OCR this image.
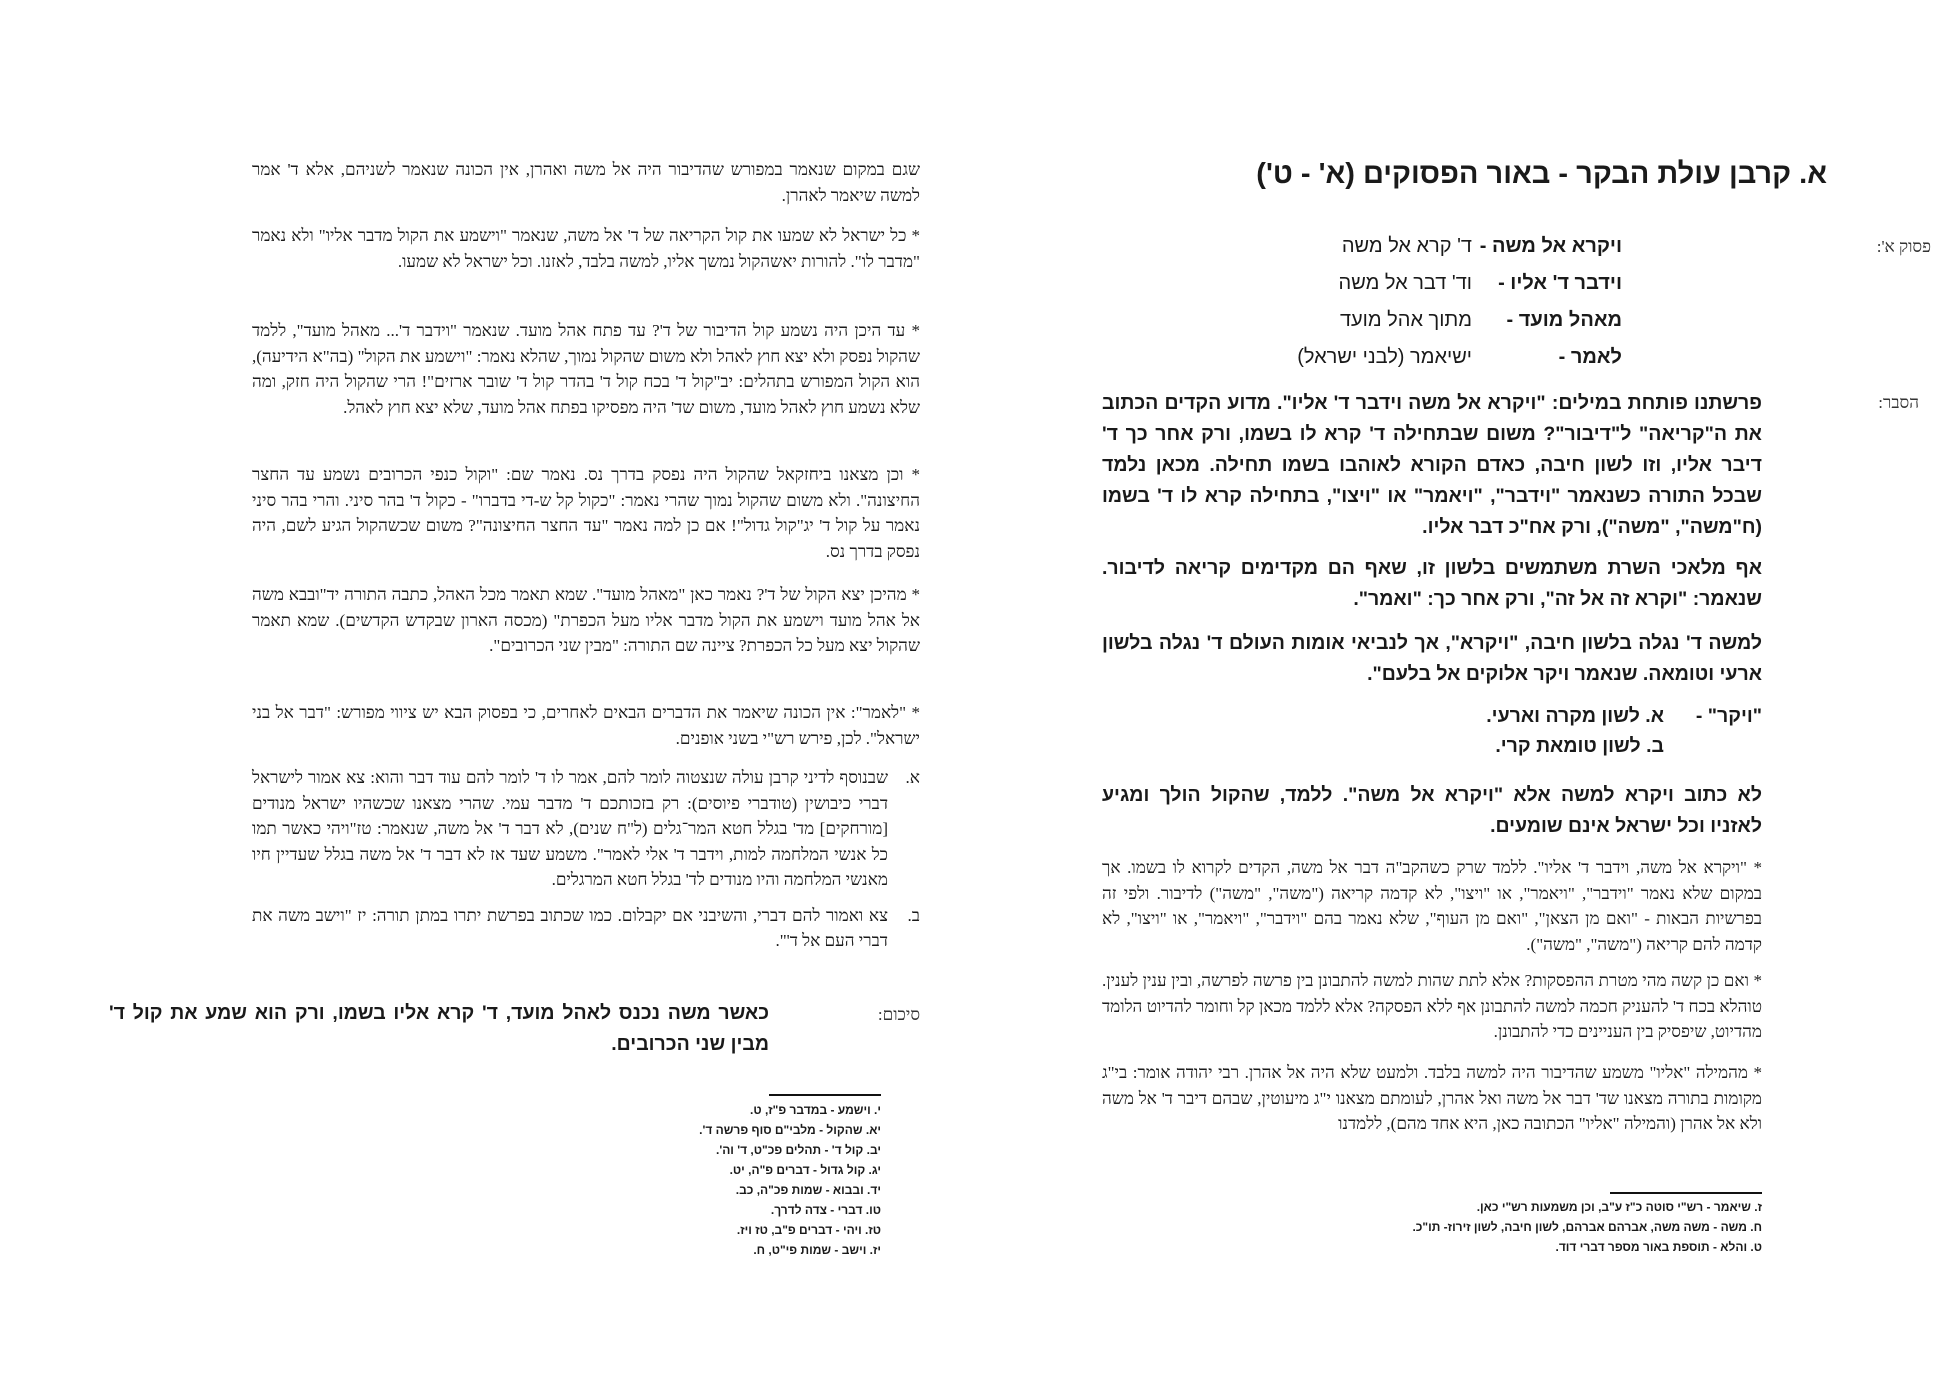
א. קרבן עולת הבקר - באור הפסוקים (א' - ט')
פסוק א':
ויקרא אל משה -
ד' קרא אל משה
וידבר ד' אליו -
וד' דבר אל משה
מאהל מועד -
מתוך אהל מועד
לאמר -
ישיאמר (לבני ישראל)
הסבר:
פרשתנו פותחת במילים: "ויקרא אל משה וידבר ד' אליו". מדוע הקדים הכתוב את ה"קריאה" ל"דיבור"? משום שבתחילה ד' קרא לו בשמו, ורק אחר כך ד' דיבר אליו, וזו לשון חיבה, כאדם הקורא לאוהבו בשמו תחילה. מכאן נלמד שבכל התורה כשנאמר "וידבר", "ויאמר" או "ויצו", בתחילה קרא לו ד' בשמו (ח"משה", "משה"), ורק אח"כ דבר אליו.
אף מלאכי השרת משתמשים בלשון זו, שאף הם מקדימים קריאה לדיבור. שנאמר: "וקרא זה אל זה", ורק אחר כך: "ואמר".
למשה ד' נגלה בלשון חיבה, "ויקרא", אך לנביאי אומות העולם ד' נגלה בלשון ארעי וטומאה. שנאמר ויקר אלוקים אל בלעם".
"ויקר" -
א. לשון מקרה וארעי.
ב. לשון טומאת קרי.
לא כתוב ויקרא למשה אלא "ויקרא אל משה". ללמד, שהקול הולך ומגיע לאזניו וכל ישראל אינם שומעים.
* "ויקרא אל משה, וידבר ד' אליו". ללמד שרק כשהקב"ה דבר אל משה, הקדים לקרוא לו בשמו. אך במקום שלא נאמר "וידבר", "ויאמר", או "ויצו", לא קדמה קריאה ("משה", "משה") לדיבור. ולפי זה בפרשיות הבאות - "ואם מן הצאן", "ואם מן העוף", שלא נאמר בהם "וידבר", "ויאמר", או "ויצו", לא קדמה להם קריאה ("משה", "משה").
* ואם כן קשה מהי מטרת ההפסקות? אלא לתת שהות למשה להתבונן בין פרשה לפרשה, ובין ענין לענין. טוהלא בכח ד' להעניק חכמה למשה להתבונן אף ללא הפסקה? אלא ללמד מכאן קל וחומר להדיוט הלומד מהדיוט, שיפסיק בין העניינים כדי להתבונן.
* מהמילה "אליו" משמע שהדיבור היה למשה בלבד. ולמעט שלא היה אל אהרן. רבי יהודה אומר: בי"ג מקומות בתורה מצאנו שד' דבר אל משה ואל אהרן, לעומתם מצאנו י"ג מיעוטין, שבהם דיבר ד' אל משה ולא אל אהרן (והמילה "אליו" הכתובה כאן, היא אחד מהם), ללמדנו
ז. שיאמר - רש"י סוטה כ"ז ע"ב, וכן משמעות רש"י כאן.
ח. משה - משה משה, אברהם אברהם, לשון חיבה, לשון זירוז- תו"כ.
ט. והלא - תוספת באור מספר דברי דוד.
שגם במקום שנאמר במפורש שהדיבור היה אל משה ואהרן, אין הכונה שנאמר לשניהם, אלא ד' אמר למשה שיאמר לאהרן.
* כל ישראל לא שמעו את קול הקריאה של ד' אל משה, שנאמר "וישמע את הקול מדבר אליו" ולא נאמר "מדבר לו". להורות יאשהקול נמשך אליו, למשה בלבד, לאזנו. וכל ישראל לא שמעו.
* עד היכן היה נשמע קול הדיבור של ד'? עד פתח אהל מועד. שנאמר "וידבר ד'... מאהל מועד", ללמד שהקול נפסק ולא יצא חוץ לאהל ולא משום שהקול נמוך, שהלא נאמר: "וישמע את הקול" (בה"א הידיעה), הוא הקול המפורש בתהלים: יב"קול ד' בכח קול ד' בהדר קול ד' שובר ארזים"! הרי שהקול היה חזק, ומה שלא נשמע חוץ לאהל מועד, משום שד' היה מפסיקו בפתח אהל מועד, שלא יצא חוץ לאהל.
* וכן מצאנו ביחזקאל שהקול היה נפסק בדרך נס. נאמר שם: "וקול כנפי הכרובים נשמע עד החצר החיצונה". ולא משום שהקול נמוך שהרי נאמר: "כקול קל ש-די בדברו" - כקול ד' בהר סיני. והרי בהר סיני נאמר על קול ד' יג"קול גדול"! אם כן למה נאמר "עד החצר החיצונה"? משום שכשהקול הגיע לשם, היה נפסק בדרך נס.
* מהיכן יצא הקול של ד'? נאמר כאן "מאהל מועד". שמא תאמר מכל האהל, כתבה התורה יד"ובבא משה אל אהל מועד וישמע את הקול מדבר אליו מעל הכפרת" (מכסה הארון שבקדש הקדשים). שמא תאמר שהקול יצא מעל כל הכפרת? ציינה שם התורה: "מבין שני הכרובים".
* "לאמר": אין הכונה שיאמר את הדברים הבאים לאחרים, כי בפסוק הבא יש ציווי מפורש: "דבר אל בני ישראל". לכן, פירש רש"י בשני אופנים.
א.
שבנוסף לדיני קרבן עולה שנצטוה לומר להם, אמר לו ד' לומר להם עוד דבר והוא: צא אמור לישראל דברי כיבושין (טודברי פיוסים): רק בזכותכם ד' מדבר עמי. שהרי מצאנו שכשהיו ישראל מנודים [מורחקים] מד' בגלל חטא המר־גלים (ל"ח שנים), לא דבר ד' אל משה, שנאמר: טז"ויהי כאשר תמו כל אנשי המלחמה למות, וידבר ד' אלי לאמר". משמע שעד אז לא דבר ד' אל משה בגלל שעדיין חיו מאנשי המלחמה והיו מנודים לד' בגלל חטא המרגלים.
ב.
צא ואמור להם דברי, והשיבני אם יקבלום. כמו שכתוב בפרשת יתרו במתן תורה: יז "וישב משה את דברי העם אל ד'".
סיכום:
כאשר משה נכנס לאהל מועד, ד' קרא אליו בשמו, ורק הוא שמע את קול ד' מבין שני הכרובים.
י. וישמע - במדבר פ"ז, ט.
יא. שהקול - מלבי"ם סוף פרשה ד'.
יב. קול ד' - תהלים פכ"ט, ד' וה'.
יג. קול גדול - דברים פ"ה, יט.
יד. ובבוא - שמות פכ"ה, כב.
טו. דברי - צדה לדרך.
טז. ויהי - דברים פ"ב, טז ויז.
יז. וישב - שמות פי"ט, ח.
